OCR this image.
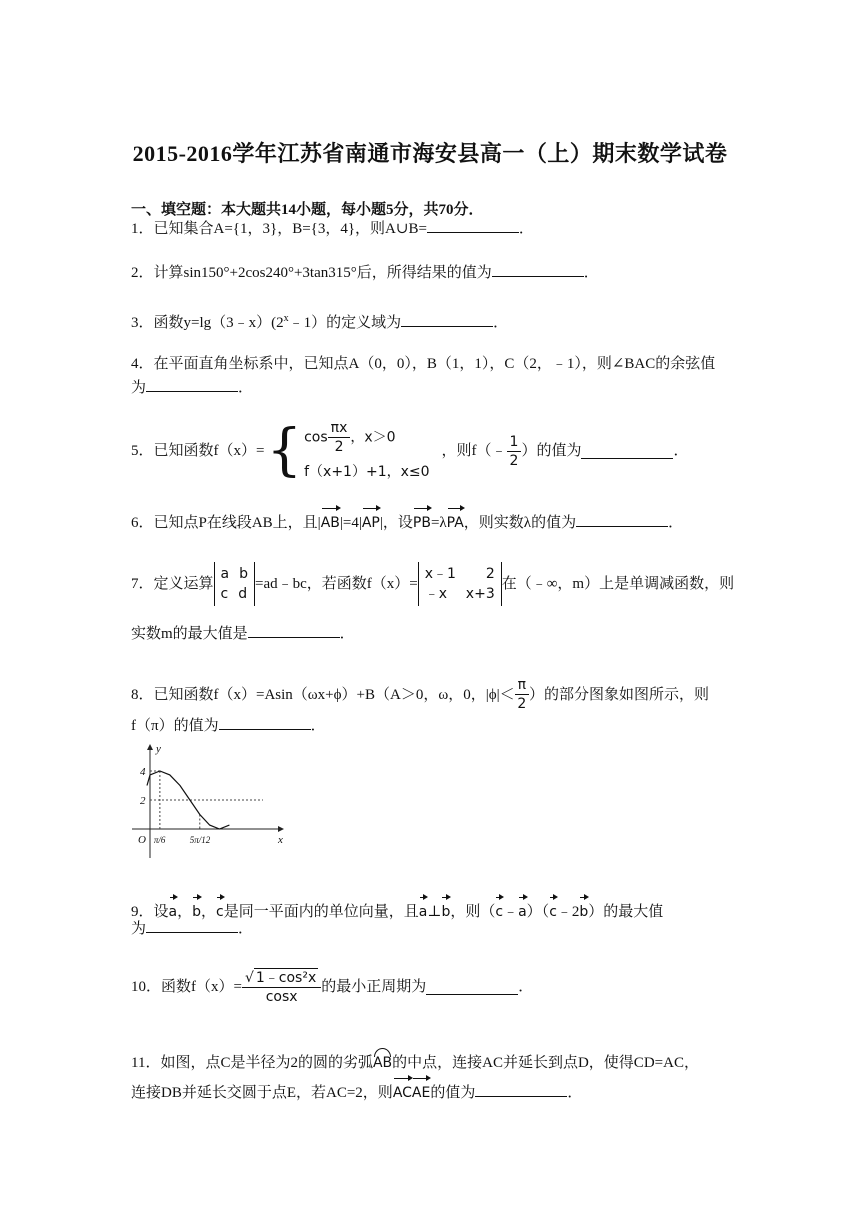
2015-2016学年江苏省南通市海安县高一（上）期末数学试卷
一、填空题：本大题共14小题，每小题5分，共70分．
1．已知集合A={1，3}，B={3，4}，则A∪B=	．
2．计算sin150°+2cos240°+3tan315°后，所得结果的值为	．
3．函数$y=\lg(3﹣x)(2^x﹣1)$的定义域为	．
4．在平面直角坐标系中，已知点A（0，0），B（1，1），C（2，﹣1），则∠BAC的余弦值
为	．
5．已知函数f（x）= { $\cos \frac{\pi x}{2}$ ，x＞0
f（x+1）+1，x≤0
，则f（﹣ $\frac{1}{2}$ ）的值为	．
6．已知点P在线段AB上，且|AB|=4|AP|，设PB=λPA，则实数λ的值为	．
7．定义运算
a b
c d
=ad﹣bc，若函数f（x）=
x﹣1 2
﹣x x+3
在（﹣∞，m）上是单调减函数，则
实数m的最大值是	．
8．已知函数f（x）=Asin（ωx+ϕ）+B（A＞0，ω，0，$|\phi|< \frac{\pi}{2}$ ）的部分图象如图所示，则
f（π）的值为	．
y
x
O
4
2
π/6	5π/12
9．设a，b，c是同一平面内的单位向量，且a⊥b，则（c﹣a）（c﹣2b）的最大值
为	．
10．函数$f(x)= \frac{\text{√ 1﹣cos²x}}{\cos x}$ 的最小正周期为	．
11．如图，点C是半径为2的圆的劣弧AB的中点，连接AC并延长到点D，使得CD=AC，
连接DB并延长交圆于点E，若AC=2，则ACAE的值为	．
